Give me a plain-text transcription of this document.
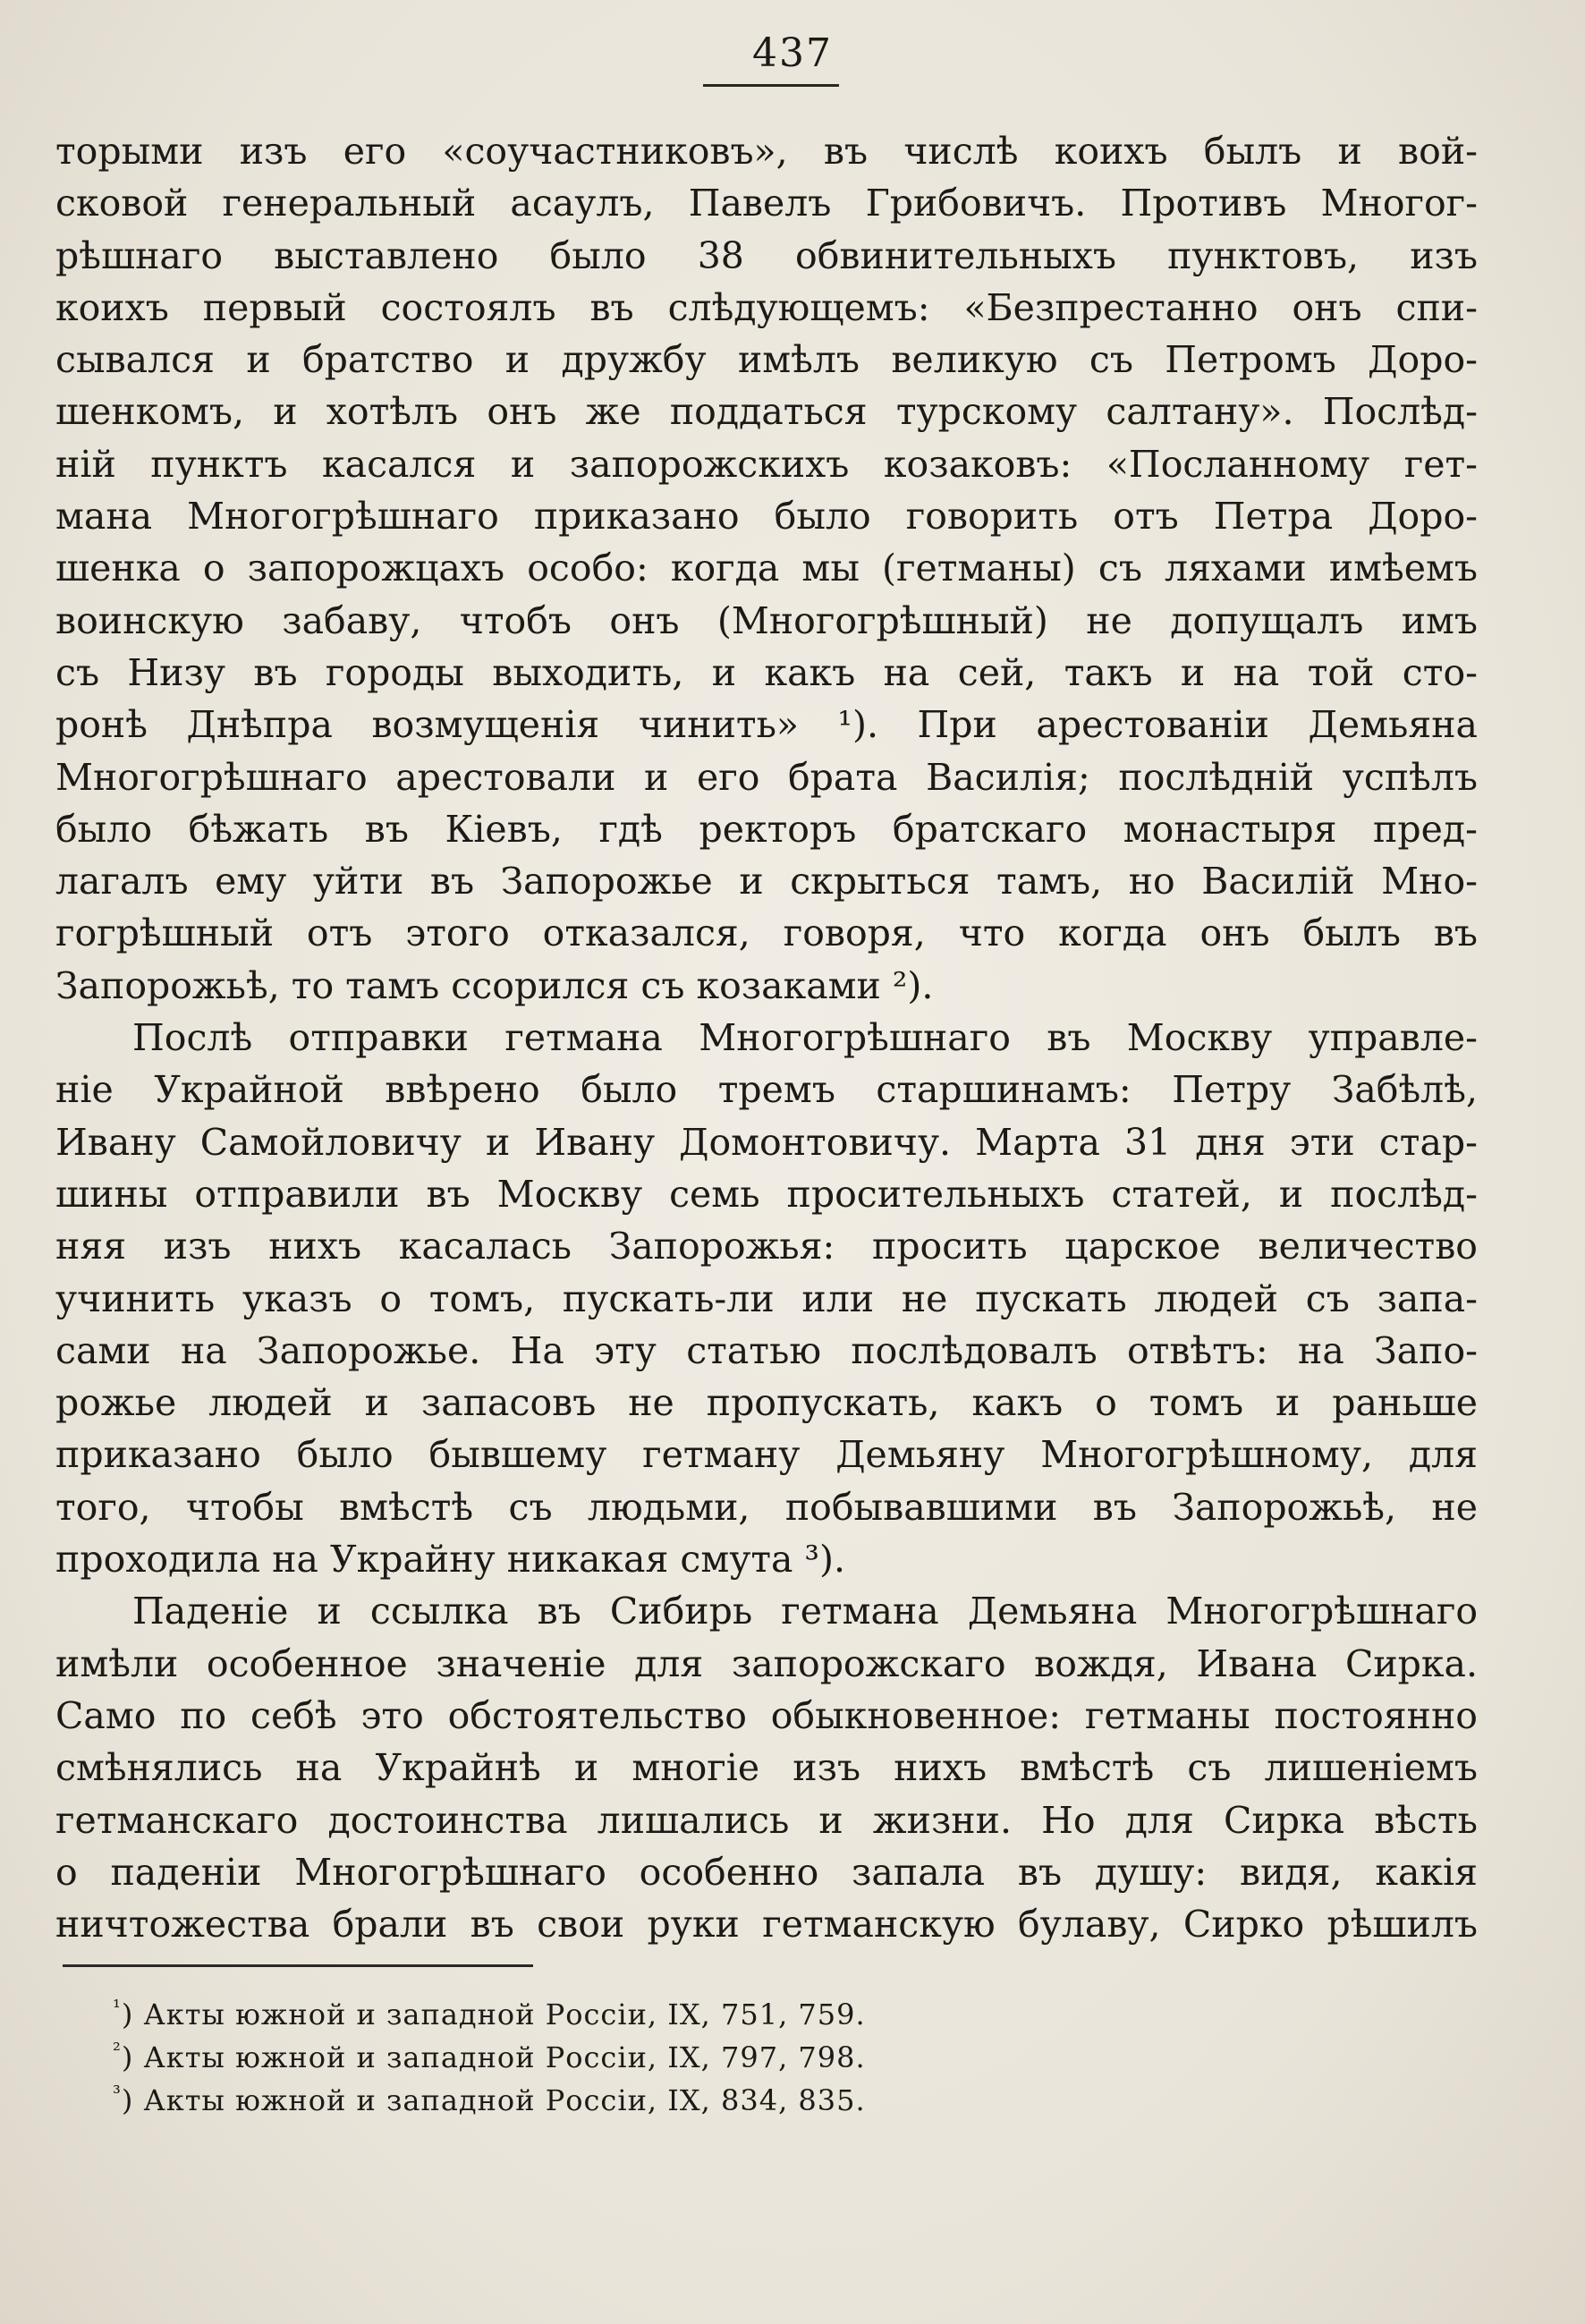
437
торыми изъ его «соучастниковъ», въ числѣ коихъ былъ и вой-
сковой генеральный асаулъ, Павелъ Грибовичъ. Противъ Многог-
рѣшнаго выставлено было 38 обвинительныхъ пунктовъ, изъ
коихъ первый состоялъ въ слѣдующемъ: «Безпрестанно онъ спи-
сывался и братство и дружбу имѣлъ великую съ Петромъ Доро-
шенкомъ, и хотѣлъ онъ же поддаться турскому салтану». Послѣд-
ній пунктъ касался и запорожскихъ козаковъ: «Посланному гет-
мана Многогрѣшнаго приказано было говорить отъ Петра Доро-
шенка о запорожцахъ особо: когда мы (гетманы) съ ляхами имѣемъ
воинскую забаву, чтобъ онъ (Многогрѣшный) не допущалъ имъ
съ Низу въ городы выходить, и какъ на сей, такъ и на той сто-
ронѣ Днѣпра возмущенія чинить» ¹). При арестованіи Демьяна
Многогрѣшнаго арестовали и его брата Василія; послѣдній успѣлъ
было бѣжать въ Кіевъ, гдѣ ректоръ братскаго монастыря пред-
лагалъ ему уйти въ Запорожье и скрыться тамъ, но Василій Мно-
гогрѣшный отъ этого отказался, говоря, что когда онъ былъ въ
Запорожьѣ, то тамъ ссорился съ козаками ²).
Послѣ отправки гетмана Многогрѣшнаго въ Москву управле-
ніе Украйной ввѣрено было тремъ старшинамъ: Петру Забѣлѣ,
Ивану Самойловичу и Ивану Домонтовичу. Марта 31 дня эти стар-
шины отправили въ Москву семь просительныхъ статей, и послѣд-
няя изъ нихъ касалась Запорожья: просить царское величество
учинить указъ о томъ, пускать-ли или не пускать людей съ запа-
сами на Запорожье. На эту статью послѣдовалъ отвѣтъ: на Запо-
рожье людей и запасовъ не пропускать, какъ о томъ и раньше
приказано было бывшему гетману Демьяну Многогрѣшному, для
того, чтобы вмѣстѣ съ людьми, побывавшими въ Запорожьѣ, не
проходила на Украйну никакая смута ³).
Паденіе и ссылка въ Сибирь гетмана Демьяна Многогрѣшнаго
имѣли особенное значеніе для запорожскаго вождя, Ивана Сирка.
Само по себѣ это обстоятельство обыкновенное: гетманы постоянно
смѣнялись на Украйнѣ и многіе изъ нихъ вмѣстѣ съ лишеніемъ
гетманскаго достоинства лишались и жизни. Но для Сирка вѣсть
о паденіи Многогрѣшнаго особенно запала въ душу: видя, какія
ничтожества брали въ свои руки гетманскую булаву, Сирко рѣшилъ
$^{^1}$) Акты южной и западной Россіи, IX, 751, 759.
$^{^2}$) Акты южной и западной Россіи, IX, 797, 798.
$^{^3}$) Акты южной и западной Россіи, IX, 834, 835.
